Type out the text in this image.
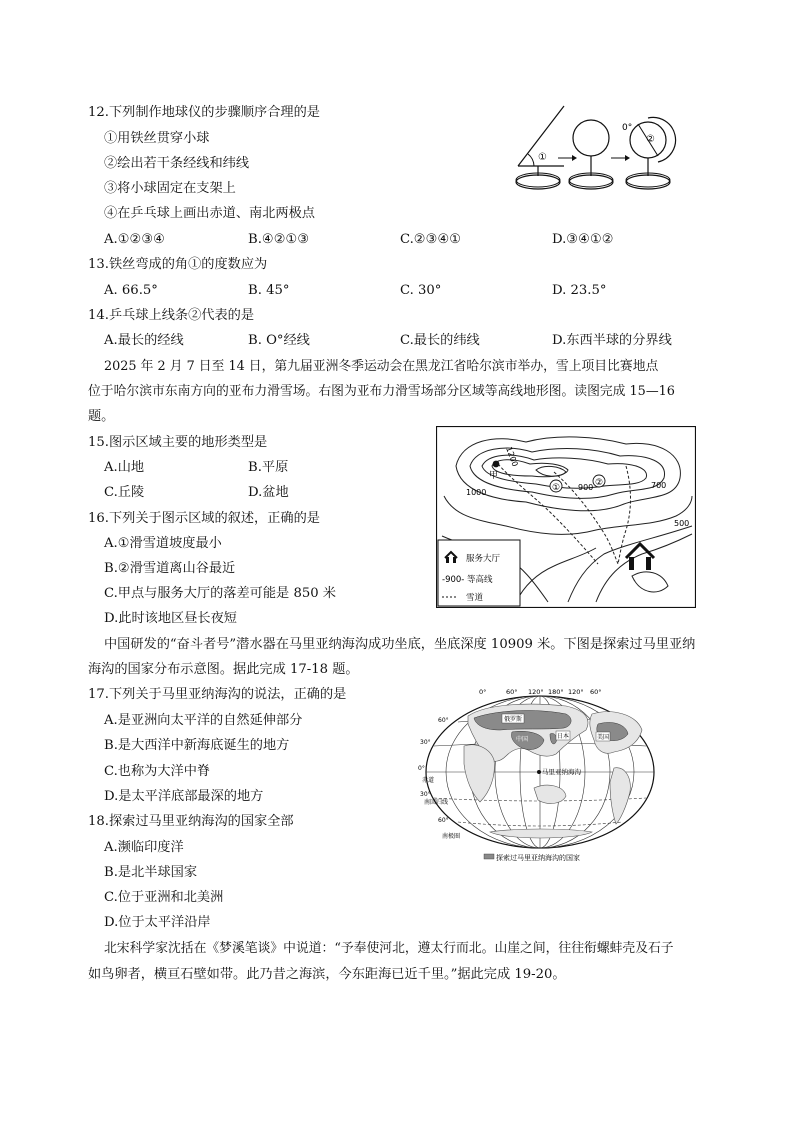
12.下列制作地球仪的步骤顺序合理的是
①用铁丝贯穿小球
②绘出若干条经线和纬线
③将小球固定在支架上
④在乒乓球上画出赤道、南北两极点
A.①②③④	B.④②①③	C.②③④①	D.③④①②
①
0°
②
13.铁丝弯成的角①的度数应为
A. 66.5°	B. 45°	C. 30°	D. 23.5°
14.乒乓球上线条②代表的是
A.最长的经线	B. O°经线	C.最长的纬线	D.东西半球的分界线
2025 年 2 月 7 日至 14 日，第九届亚洲冬季运动会在黑龙江省哈尔滨市举办，雪上项目比赛地点
位于哈尔滨市东南方向的亚布力滑雪场。右图为亚布力滑雪场部分区域等高线地形图。读图完成 15—16
题。
15.图示区域主要的地形类型是
A.山地	B.平原
C.丘陵	D.盆地
16.下列关于图示区域的叙述，正确的是
A.①滑雪道坡度最小
B.②滑雪道离山谷最近
C.甲点与服务大厅的落差可能是 850 米
D.此时该地区昼长夜短
甲
1200
1000
900	700
500
①	②
服务大厅
-900- 等高线
雪道
中国研发的“奋斗者号”潜水器在马里亚纳海沟成功坐底，坐底深度 10909 米。下图是探索过马里亚纳
海沟的国家分布示意图。据此完成 17-18 题。
17.下列关于马里亚纳海沟的说法，正确的是
A.是亚洲向太平洋的自然延伸部分
B.是大西洋中新海底诞生的地方
C.也称为大洋中脊
D.是太平洋底部最深的地方
18.探索过马里亚纳海沟的国家全部
A.濒临印度洋
B.是北半球国家
C.位于亚洲和北美洲
D.位于太平洋沿岸
0°	60° 120° 180° 120° 60°
60°
30°
0°
30°
60°
俄罗斯
中国	日本	美国
马里亚纳海沟
赤道
南回归线
南极圈
探索过马里亚纳海沟的国家
北宋科学家沈括在《梦溪笔谈》中说道：“予奉使河北，遵太行而北。山崖之间，往往衔螺蚌壳及石子
如鸟卵者，横亘石壁如带。此乃昔之海滨，今东距海已近千里。”据此完成 19-20。
